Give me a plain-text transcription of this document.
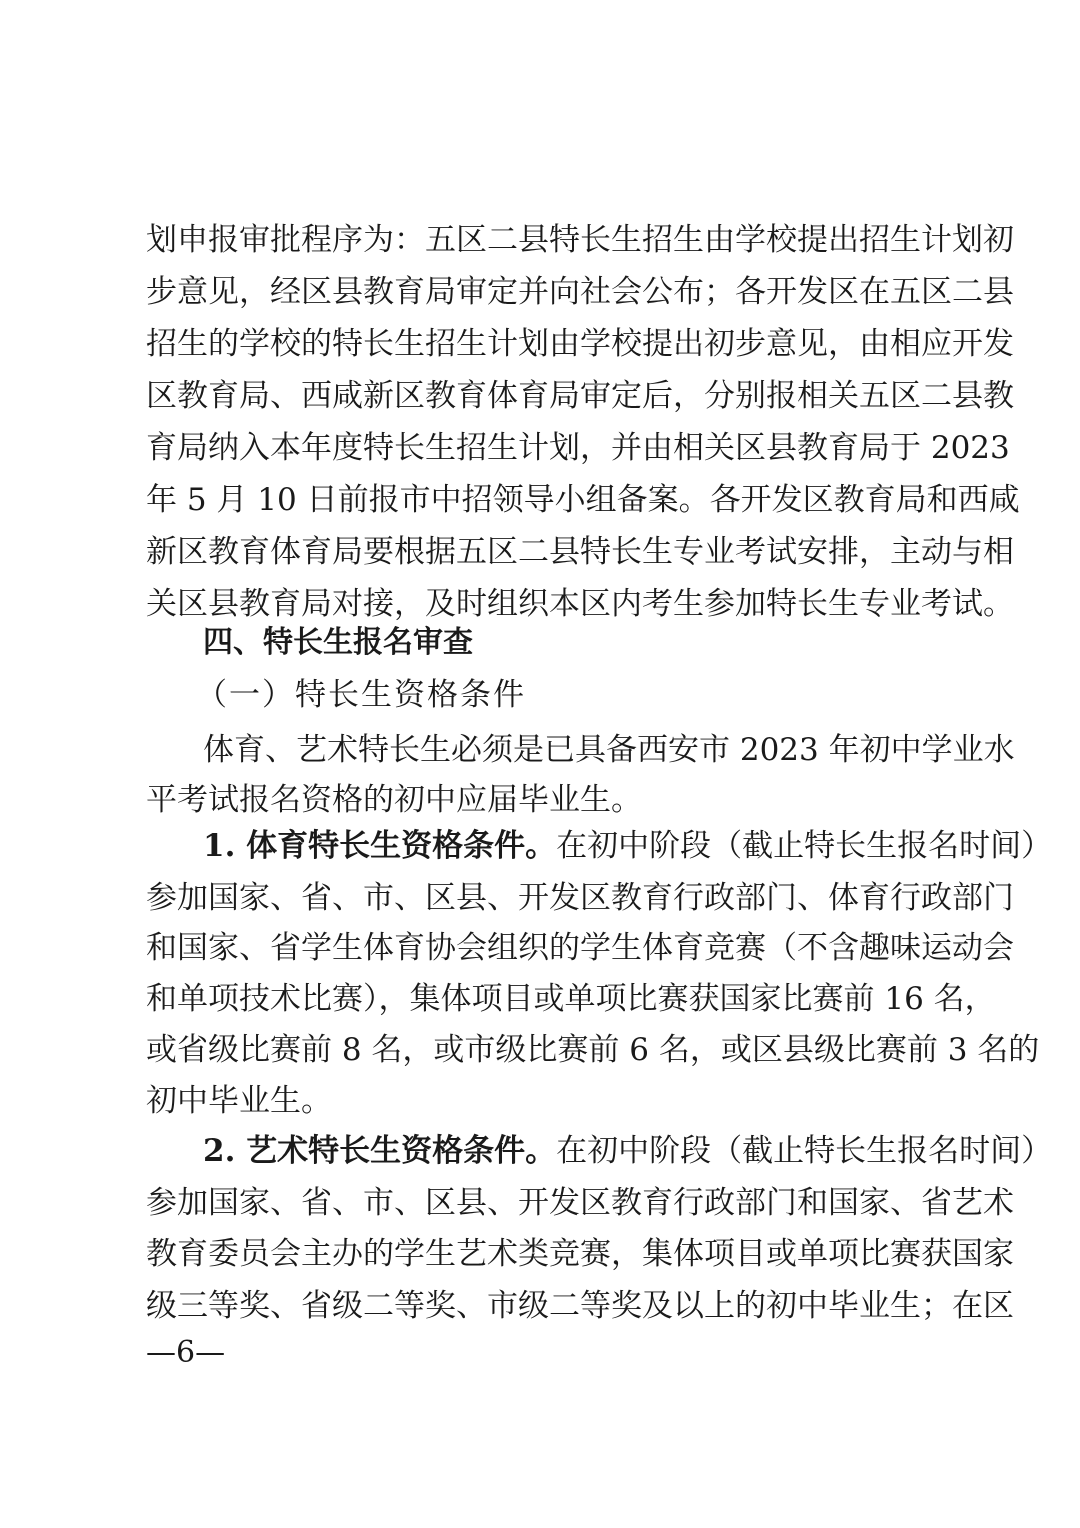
划申报审批程序为：五区二县特长生招生由学校提出招生计划初
步意见，经区县教育局审定并向社会公布；各开发区在五区二县
招生的学校的特长生招生计划由学校提出初步意见，由相应开发
区教育局、西咸新区教育体育局审定后，分别报相关五区二县教
育局纳入本年度特长生招生计划，并由相关区县教育局于 2023
年 5 月 10 日前报市中招领导小组备案。各开发区教育局和西咸
新区教育体育局要根据五区二县特长生专业考试安排，主动与相
关区县教育局对接，及时组织本区内考生参加特长生专业考试。
四、特长生报名审查
（一）特长生资格条件
体育、艺术特长生必须是已具备西安市 2023 年初中学业水
平考试报名资格的初中应届毕业生。
1. 体育特长生资格条件。在初中阶段（截止特长生报名时间）
参加国家、省、市、区县、开发区教育行政部门、体育行政部门
和国家、省学生体育协会组织的学生体育竞赛（不含趣味运动会
和单项技术比赛），集体项目或单项比赛获国家比赛前 16 名，
或省级比赛前 8 名，或市级比赛前 6 名，或区县级比赛前 3 名的
初中毕业生。
2. 艺术特长生资格条件。在初中阶段（截止特长生报名时间）
参加国家、省、市、区县、开发区教育行政部门和国家、省艺术
教育委员会主办的学生艺术类竞赛，集体项目或单项比赛获国家
级三等奖、省级二等奖、市级二等奖及以上的初中毕业生；在区
—6—
